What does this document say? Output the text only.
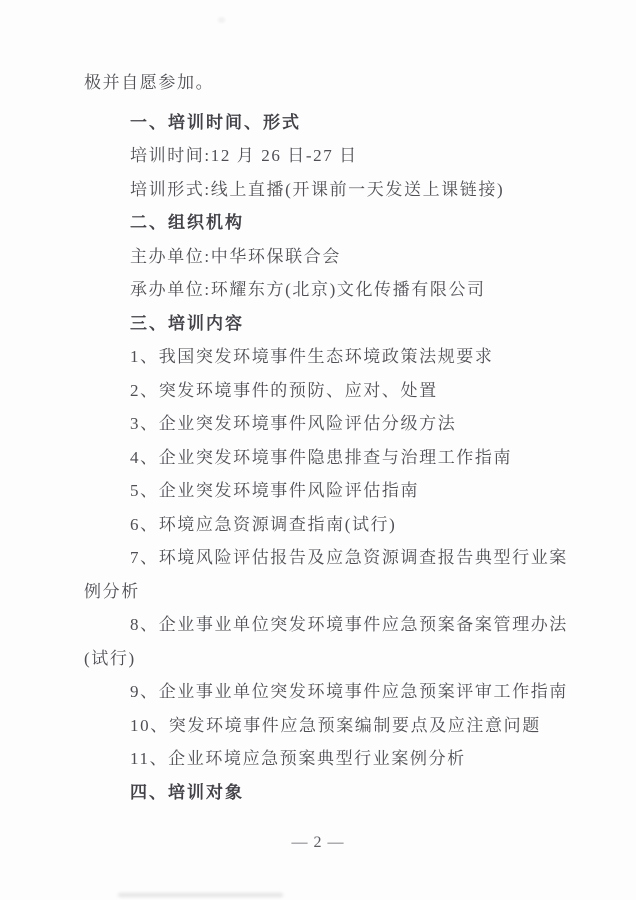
极并自愿参加。
一、培训时间、形式
培训时间:12 月 26 日-27 日
培训形式:线上直播(开课前一天发送上课链接)
二、组织机构
主办单位:中华环保联合会
承办单位:环耀东方(北京)文化传播有限公司
三、培训内容
1、我国突发环境事件生态环境政策法规要求
2、突发环境事件的预防、应对、处置
3、企业突发环境事件风险评估分级方法
4、企业突发环境事件隐患排查与治理工作指南
5、企业突发环境事件风险评估指南
6、环境应急资源调查指南(试行)
7、环境风险评估报告及应急资源调查报告典型行业案
例分析
8、企业事业单位突发环境事件应急预案备案管理办法
(试行)
9、企业事业单位突发环境事件应急预案评审工作指南
10、突发环境事件应急预案编制要点及应注意问题
11、企业环境应急预案典型行业案例分析
四、培训对象
— 2 —
